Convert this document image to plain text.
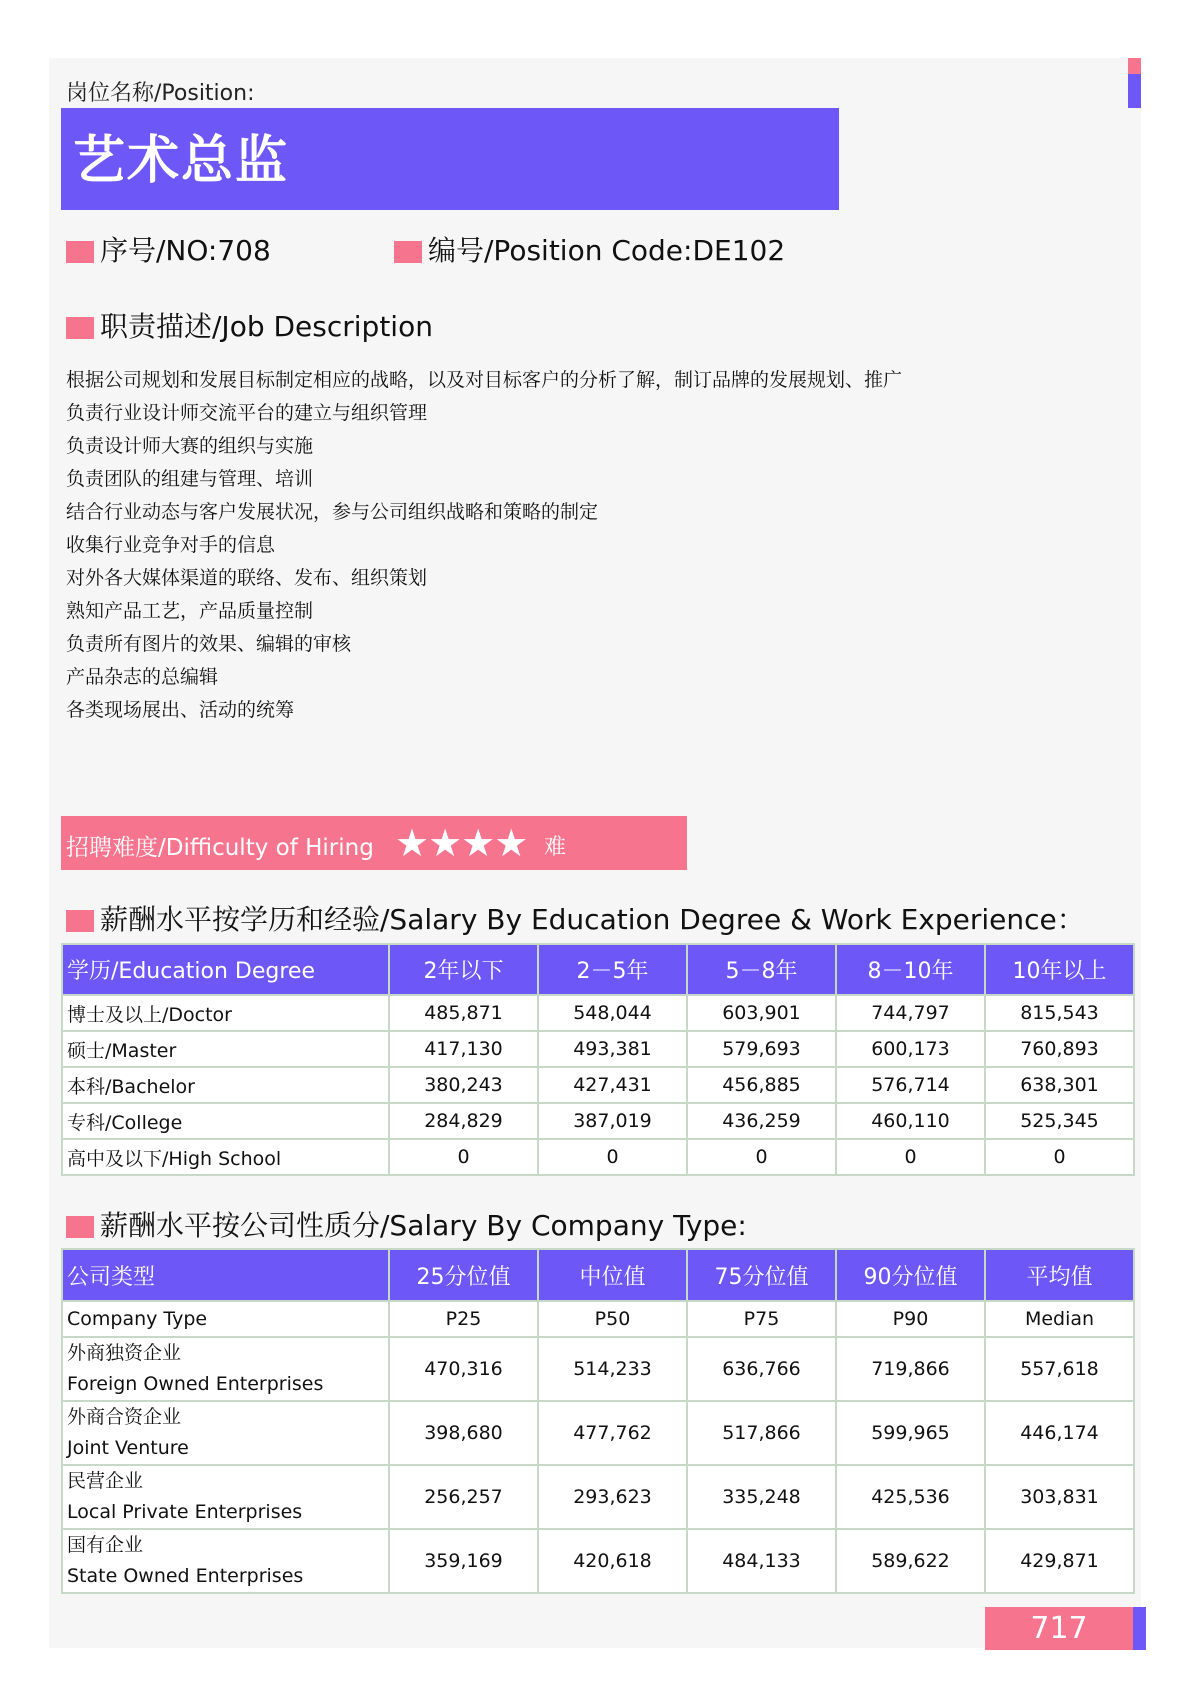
岗位名称/Position:
艺术总监
序号/NO:708	编号/Position Code:DE102
职责描述/Job Description
根据公司规划和发展目标制定相应的战略，以及对目标客户的分析了解，制订品牌的发展规划、推广
负责行业设计师交流平台的建立与组织管理
负责设计师大赛的组织与实施
负责团队的组建与管理、培训
结合行业动态与客户发展状况，参与公司组织战略和策略的制定
收集行业竞争对手的信息
对外各大媒体渠道的联络、发布、组织策划
熟知产品工艺，产品质量控制
负责所有图片的效果、编辑的审核
产品杂志的总编辑
各类现场展出、活动的统筹
招聘难度/Difficulty of Hiring ★★★★ 难
薪酬水平按学历和经验/Salary By Education Degree & Work Experience：
学历/Education Degree	2年以下	2－5年	5－8年	8－10年	10年以上
博士及以上/Doctor	485,871	548,044	603,901	744,797	815,543
硕士/Master	417,130	493,381	579,693	600,173	760,893
本科/Bachelor	380,243	427,431	456,885	576,714	638,301
专科/College	284,829	387,019	436,259	460,110	525,345
高中及以下/High School	0	0	0	0	0
薪酬水平按公司性质分/Salary By Company Type:
公司类型	25分位值	中位值	75分位值	90分位值	平均值
Company Type	P25	P50	P75	P90	Median

外商独资企业
Foreign Owned Enterprises	470,316	514,233	636,766	719,866	557,618

外商合资企业
Joint Venture	398,680	477,762	517,866	599,965	446,174

民营企业
Local Private Enterprises	256,257	293,623	335,248	425,536	303,831

国有企业
State Owned Enterprises	359,169	420,618	484,133	589,622	429,871
717
